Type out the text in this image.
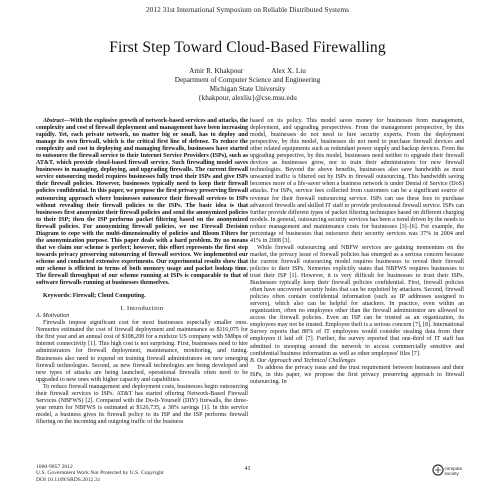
2012 31st International Symposium on Reliable Distributed Systems
First Step Toward Cloud-Based Firewalling
Amir R. Khakpour	Alex X. Liu
Department of Computer Science and Engineering
Michigan State University
{khakpour, alexliu}@cse.msu.edu

Abstract—With the explosive growth of network-based services and attacks, the complexity and cost of firewall deployment and management have been increasing rapidly. Yet, each private network, no matter big or small, has to deploy and manage its own firewall, which is the critical first line of defense. To reduce the complexity and cost in deploying and managing firewalls, businesses have started to outsource the firewall service to their Internet Service Providers (ISPs), such as AT&T, which provide cloud-based firewall service. Such firewalling model saves businesses in managing, deploying, and upgrading firewalls. The current firewall service outsourcing model requires businesses fully trust their ISPs and give ISPs their firewall policies. However, businesses typically need to keep their firewall policies confidential. In this paper, we propose the first privacy preserving firewall outsourcing approach where businesses outsource their firewall services to ISPs without revealing their firewall policies to the ISPs. The basic idea is that businesses first anonymize their firewall policies and send the anonymized policies to their ISP; then the ISP performs packet filtering based on the anonymized firewall policies. For anonymizing firewall policies, we use Firewall Decision Diagram to cope with the multi-dimensionality of policies and Bloom Filters for the anonymization purpose. This paper deals with a hard problem. By no means that we claim our scheme is perfect; however, this effort represents the first step towards privacy preserving outsourcing of firewall services. We implemented our scheme and conducted extensive experiments. Our experimental results show that our scheme is efficient in terms of both memory usage and packet lookup time. The firewall throughput of our scheme running at ISPs is comparable to that of software firewalls running at businesses themselves.

Keywords: Firewall; Cloud Computing.

I. Introduction

A. Motivation

Firewalls impose significant cost for most businesses especially smaller ones. Nemertes estimated the cost of firewall deployment and maintenance as $116,075 for the first year and an annual cost of $108,200 for a midsize US company with 5Mbps of Internet connectivity [1]. This high cost is not surprising. First, businesses need to hire administrators for firewall deployment, maintenance, monitoring, and tuning. Businesses also need to expend on training firewall administrators on new emerging firewall technologies. Second, as new firewall technologies are being developed and new types of attacks are being launched, operational firewalls often need to be upgraded to new ones with higher capacity and capabilities.

To reduce firewall management and deployment costs, businesses begin outsourcing their firewall services to ISPs. AT&T has started offering Network-Based Firewall Services (NBFWS) [2]. Compared with the Do-It-Yourself (DIY) firewalls, the three-year return for NBFWS is estimated at $126,735, a 38% savings [1]. In this service model, a business gives its firewall policy to its ISP and the ISP performs firewall filtering on the incoming and outgoing traffic of the business

based on its policy. This model saves money for businesses from management, deployment, and upgrading perspectives. From the management perspective, by this model, businesses do not need to hire security experts. From the deployment perspective, by this model, businesses do not need to purchase firewall devices and other related equipments such as redundant power supply and backup devices. From the upgrading perspective, by this model, businesses need neither to upgrade their firewall devices as businesses grow, nor to train their administrators for new firewall technologies. Beyond the above benefits, businesses also save bandwidth as most unwanted traffic is filtered out by ISPs in firewall outsourcing. This bandwidth saving becomes more of a life-saver when a business network is under Denial of Service (DoS) attacks. For ISPs, service fees collected from customers can be a significant source of revenue for their firewall outsourcing service. ISPs can use these fees to purchase advanced firewalls and skilled IT staff to provide professional firewall service. ISPs can further provide different types of packet filtering techniques based on different charging models. In general, outsourcing security services has been a trend driven by the needs to reduce management and maintenance costs for businesses [3]–[6]. For example, the percentage of businesses that outsource their security services was 37% in 2004 and 41% in 2008 [3].

While firewall outsourcing and NBFW services are gaining momentum on the market, the privacy issue of firewall policies has emerged as a serious concern because the current firewall outsourcing model requires businesses to reveal their firewall policies to their ISPs. Nemertes explicitly states that NBFWS requires businesses to trust their ISP [1]. However, it is very difficult for businesses to trust their ISPs. Businesses typically keep their firewall policies confidential. First, firewall policies often have uncovered security holes that can be exploited by attackers. Second, firewall policies often contain confidential information (such as IP addresses assigned to servers), which also can be helpful for attackers. In practice, even within an organization, often no employees other than the firewall administrator are allowed to access the firewall policies. Even an ISP can be trusted as an organization, its employees may not be trusted. Employee theft is a serious concern [7], [8]. International Survey reports that 88% of IT employees would consider stealing data from their employers if laid off [7]. Further, the survey reported that one-third of IT staff has admitted to snooping around the network to access commercially sensitive and confidential business information as well as other employees' files [7].

B. Our Approach and Technical Challenges

To address the privacy issue and the trust requirement between businesses and their ISPs, in this paper, we propose the first privacy preserving approach to firewall outsourcing. In

1060-9857 2012
U.S. Government Work Not Protected by U.S. Copyright
DOI 10.1109/SRDS.2012.31
41	computer
society
